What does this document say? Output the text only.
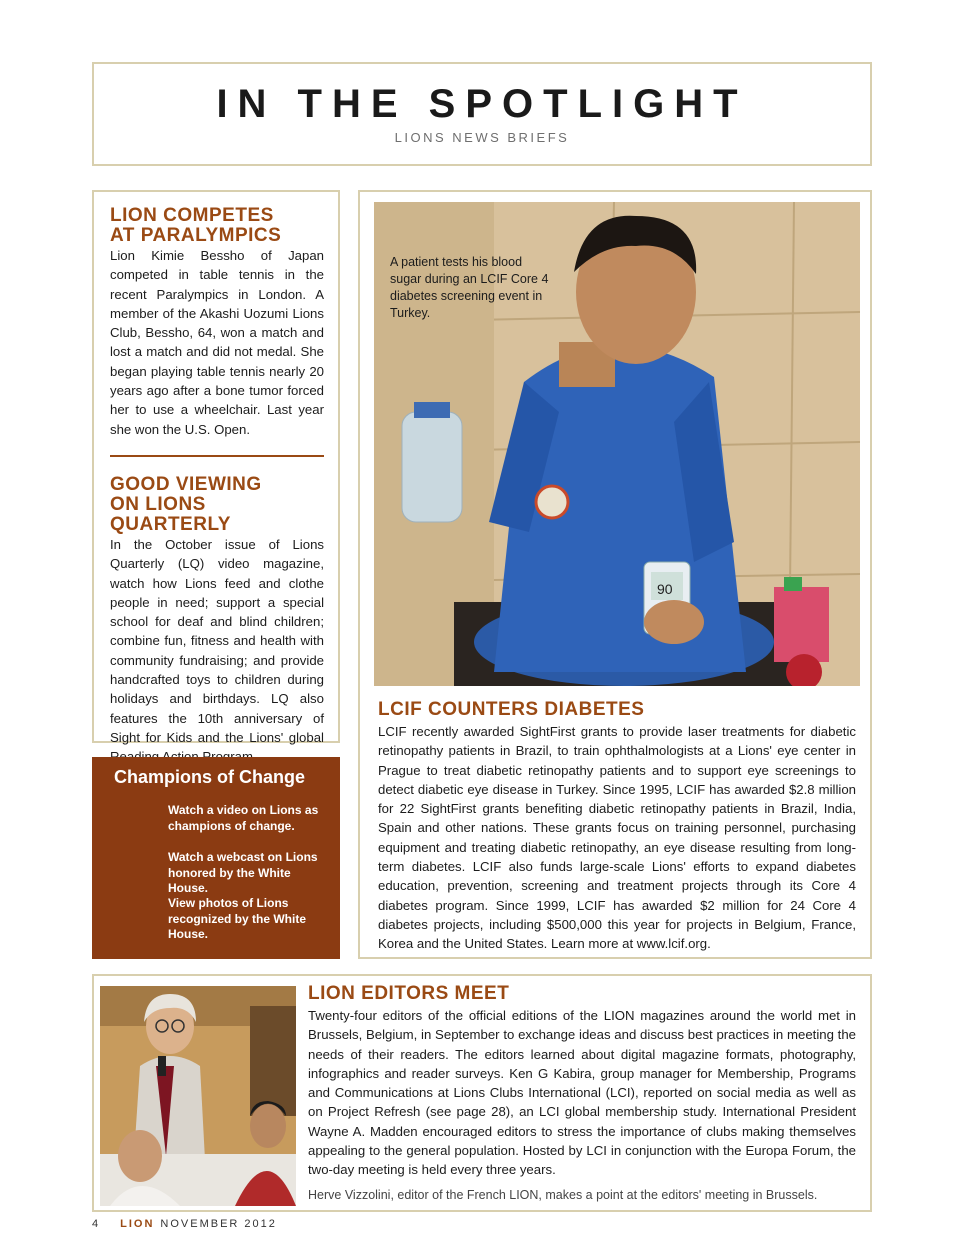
IN THE SPOTLIGHT
LIONS NEWS BRIEFS
LION COMPETES
AT PARALYMPICS
Lion Kimie Bessho of Japan competed in table tennis in the recent Paralympics in London. A member of the Akashi Uozumi Lions Club, Bessho, 64, won a match and lost a match and did not medal. She began playing table tennis nearly 20 years ago after a bone tumor forced her to use a wheelchair. Last year she won the U.S. Open.
GOOD VIEWING
ON LIONS QUARTERLY
In the October issue of Lions Quarterly (LQ) video magazine, watch how Lions feed and clothe people in need; support a special school for deaf and blind children; combine fun, fitness and health with community fundraising; and provide handcrafted toys to children during holidays and birthdays. LQ also features the 10th anniversary of Sight for Kids and the Lions' global
Champions of Change
Watch a video on Lions as champions of change.
Watch a webcast on Lions honored by the White House.
View photos of Lions recognized by the White House.
90
A patient tests his blood sugar during an LCIF Core 4 diabetes screening event in Turkey.
LCIF COUNTERS DIABETES
LCIF recently awarded SightFirst grants to provide laser treatments for diabetic retinopathy patients in Brazil, to train ophthalmologists at a Lions' eye center in Prague to treat diabetic retinopathy patients and to support eye screenings to detect diabetic eye disease in Turkey. Since 1995, LCIF has awarded $2.8 million for 22 SightFirst grants benefiting diabetic retinopathy patients in Brazil, India, Spain and other nations. These grants focus on training personnel, purchasing equipment and treating diabetic retinopathy, an eye disease resulting from long-term diabetes. LCIF also funds large-scale Lions' efforts to expand diabetes education, prevention, screening and treatment projects through its Core 4 diabetes program. Since 1999, LCIF has awarded $2 million for 24 Core 4 diabetes projects, including $500,000 this year for projects in Belgium, France, Korea and the United States. Learn more at www.lcif.org.
LION EDITORS MEET
Twenty-four editors of the official editions of the LION magazines around the world met in Brussels, Belgium, in September to exchange ideas and discuss best practices in meeting the needs of their readers. The editors learned about digital magazine formats, photography, infographics and reader surveys. Ken G Kabira, group manager for Membership, Programs and Communications at Lions Clubs International (LCI), reported on social media as well as on Project Refresh (see page 28), an LCI global membership study. International President Wayne A. Madden encouraged editors to stress the importance of clubs making themselves appealing to the general population. Hosted by LCI in conjunction with the Europa Forum, the two-day meeting is held every three years.
Herve Vizzolini, editor of the French LION, makes a point at the editors' meeting in Brussels.
4 LION NOVEMBER 2012
